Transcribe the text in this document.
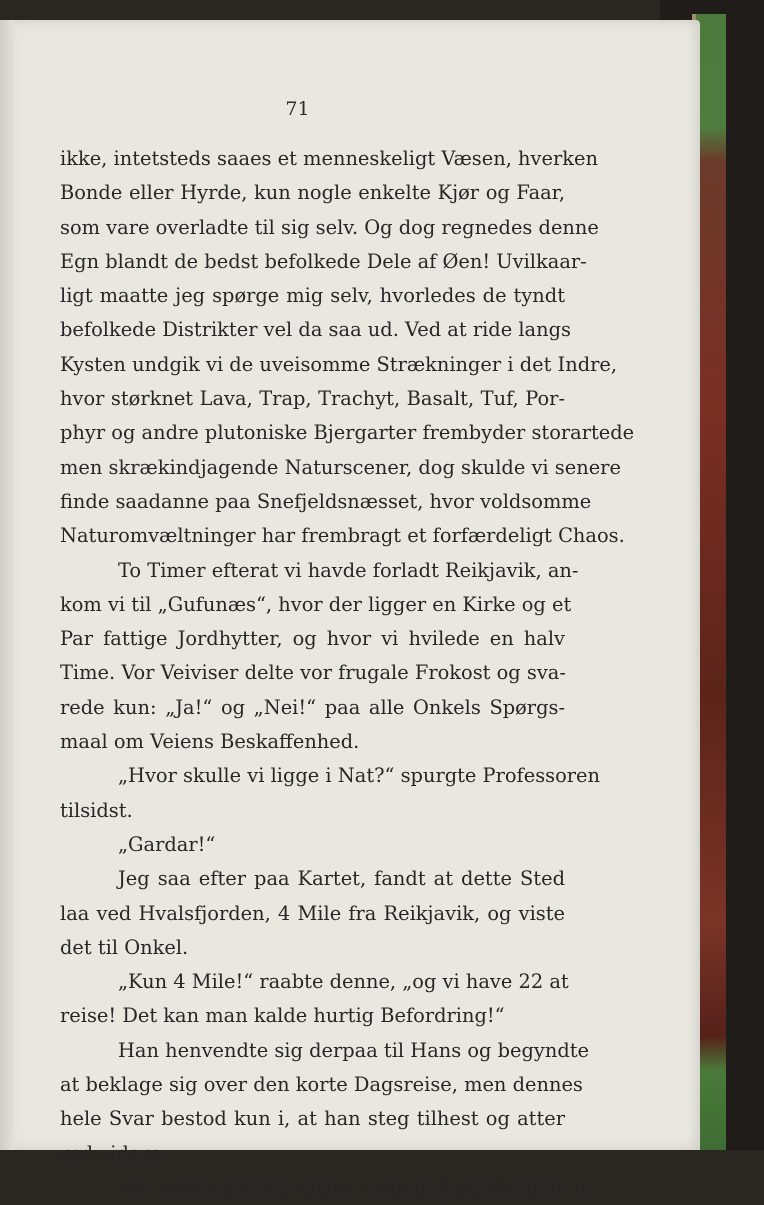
71
ikke, intetsteds saaes et menneskeligt Væsen, hverken
Bonde eller Hyrde, kun nogle enkelte Kjør og Faar,
som vare overladte til sig selv. Og dog regnedes denne
Egn blandt de bedst befolkede Dele af Øen! Uvilkaar-
ligt maatte jeg spørge mig selv, hvorledes de tyndt
befolkede Distrikter vel da saa ud. Ved at ride langs
Kysten undgik vi de uveisomme Strækninger i det Indre,
hvor størknet Lava, Trap, Trachyt, Basalt, Tuf, Por-
phyr og andre plutoniske Bjergarter frembyder storartede
men skrækindjagende Naturscener, dog skulde vi senere
finde saadanne paa Snefjeldsnæsset, hvor voldsomme
Naturomvæltninger har frembragt et forfærdeligt Chaos.
To Timer efterat vi havde forladt Reikjavik, an-
kom vi til „Gufunæs“, hvor der ligger en Kirke og et
Par fattige Jordhytter, og hvor vi hvilede en halv
Time. Vor Veiviser delte vor frugale Frokost og sva-
rede kun: „Ja!“ og „Nei!“ paa alle Onkels Spørgs-
maal om Veiens Beskaffenhed.
„Hvor skulle vi ligge i Nat?“ spurgte Professoren
tilsidst.
„Gardar!“
Jeg saa efter paa Kartet, fandt at dette Sted
laa ved Hvalsfjorden, 4 Mile fra Reikjavik, og viste
det til Onkel.
„Kun 4 Mile!“ raabte denne, „og vi have 22 at
reise! Det kan man kalde hurtig Befordring!“
Han henvendte sig derpaa til Hans og begyndte
at beklage sig over den korte Dagsreise, men dennes
hele Svar bestod kun i, at han steg tilhest og atter
red videre.
Tre Timer senere reiste vi rundt Kotlefjorden og
